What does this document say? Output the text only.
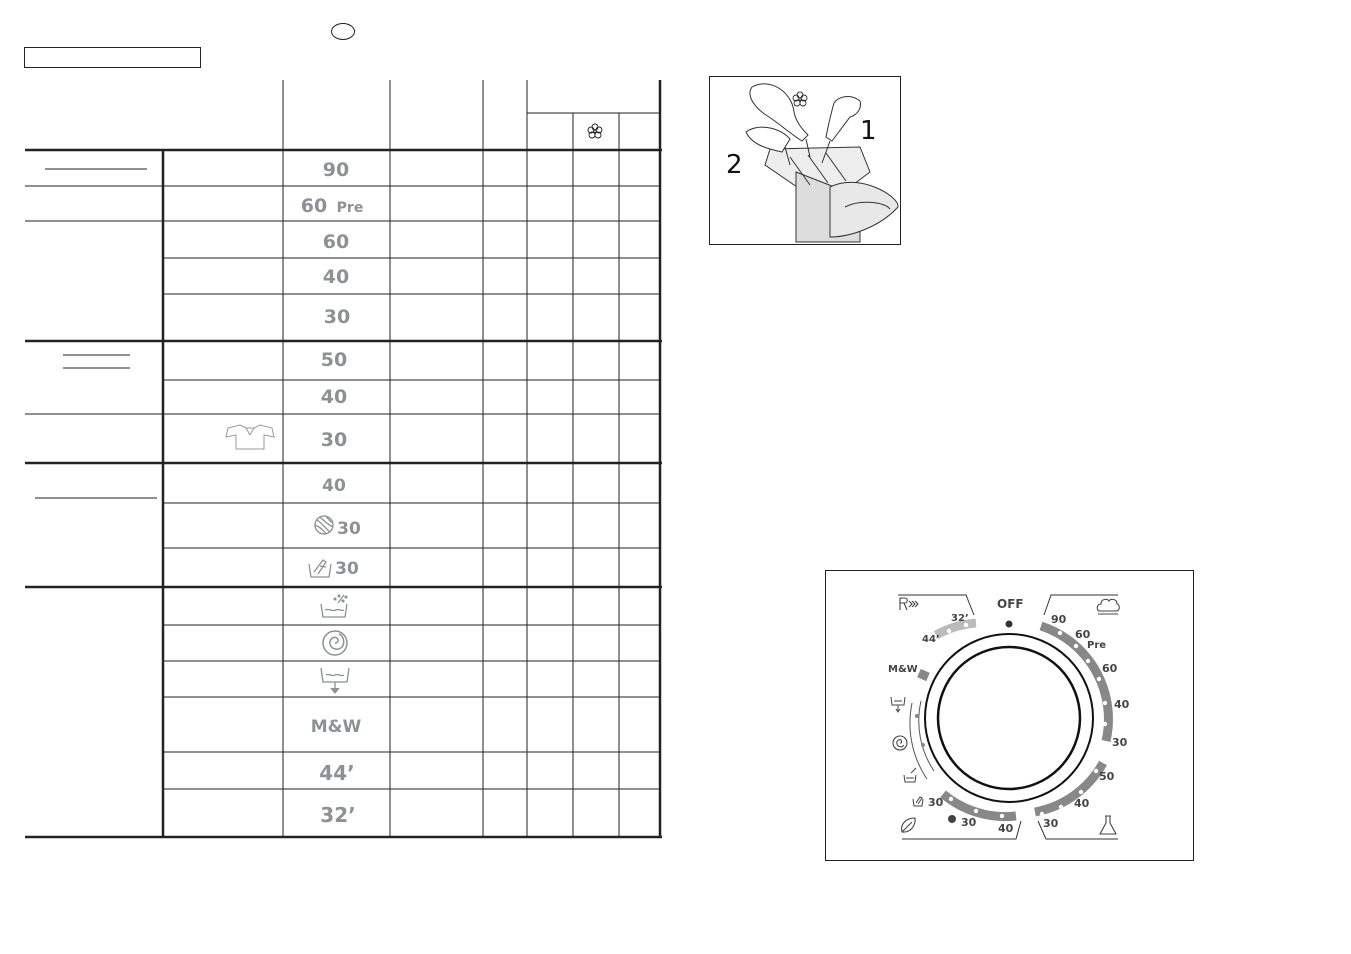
90
60 Pre
60
40
30
50
40
30
40
30
30
M&W
44’
32’
1
2
OFF
90
60
Pre
60
40
30
50
40
30
32’
44’
M&W
30
30 40
